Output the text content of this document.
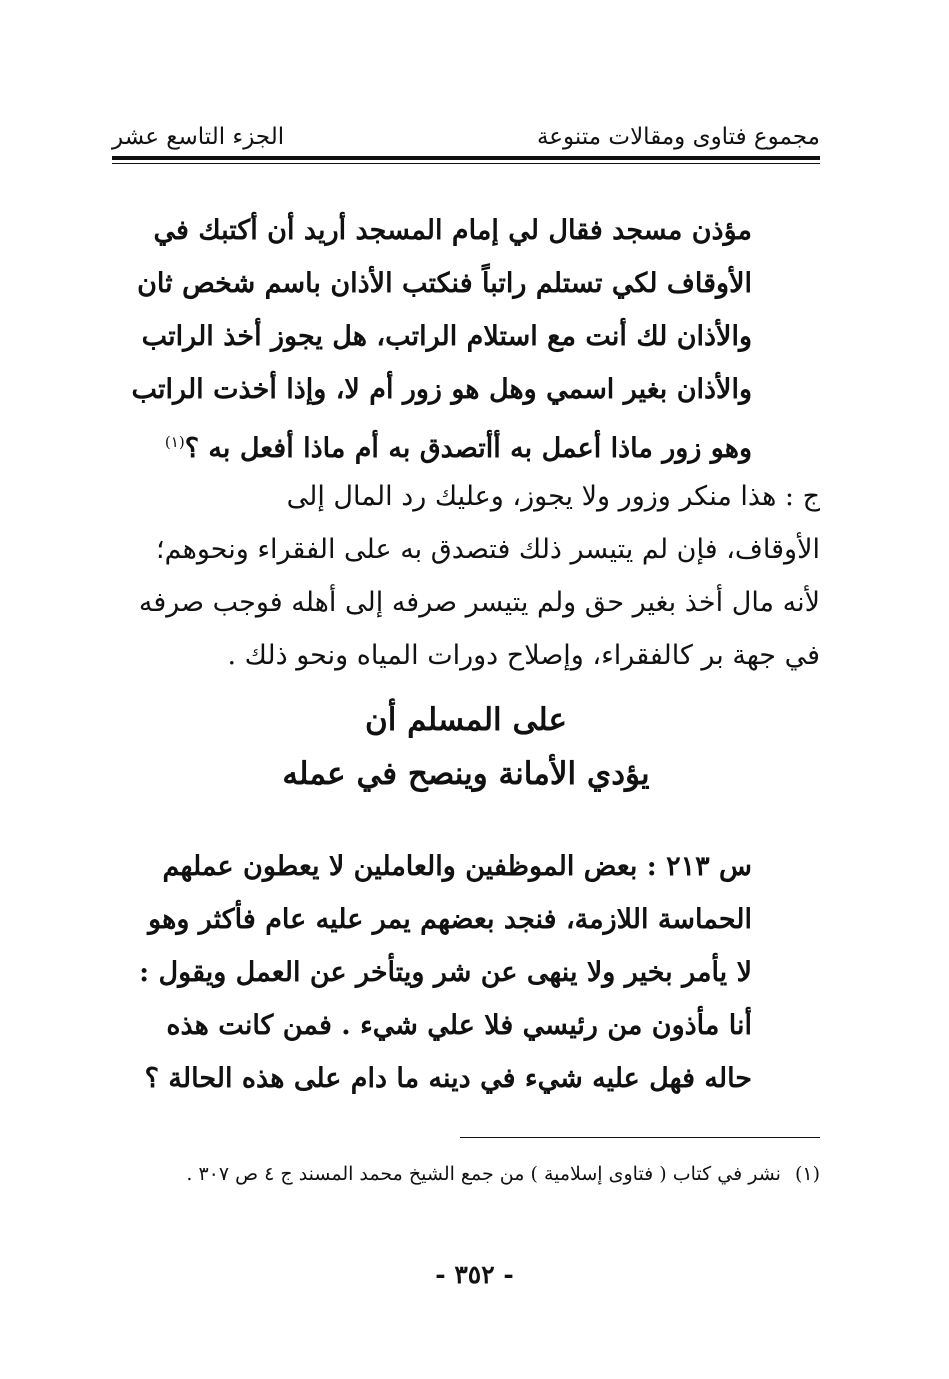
مجموع فتاوى ومقالات متنوعة
الجزء التاسع عشر

مؤذن مسجد فقال لي إمام المسجد أريد أن أكتبك في

الأوقاف لكي تستلم راتباً فنكتب الأذان باسم شخص ثان

والأذان لك أنت مع استلام الراتب، هل يجوز أخذ الراتب

والأذان بغير اسمي وهل هو زور أم لا، وإذا أخذت الراتب

وهو زور ماذا أعمل به أأتصدق به أم ماذا أفعل به ؟$^{(١)}$

ج : هذا منكر وزور ولا يجوز، وعليك رد المال إلى

الأوقاف، فإن لم يتيسر ذلك فتصدق به على الفقراء ونحوهم؛

لأنه مال أخذ بغير حق ولم يتيسر صرفه إلى أهله فوجب صرفه

في جهة بر كالفقراء، وإصلاح دورات المياه ونحو ذلك .

على المسلم أن
يؤدي الأمانة وينصح في عمله

س ٢١٣ : بعض الموظفين والعاملين لا يعطون عملهم

الحماسة اللازمة، فنجد بعضهم يمر عليه عام فأكثر وهو

لا يأمر بخير ولا ينهى عن شر ويتأخر عن العمل ويقول :

أنا مأذون من رئيسي فلا علي شيء . فمن كانت هذه

حاله فهل عليه شيء في دينه ما دام على هذه الحالة ؟

(١)
نشر في كتاب ( فتاوى إسلامية ) من جمع الشيخ محمد المسند ج ٤ ص ٣٠٧ .
- ٣٥٢ -
